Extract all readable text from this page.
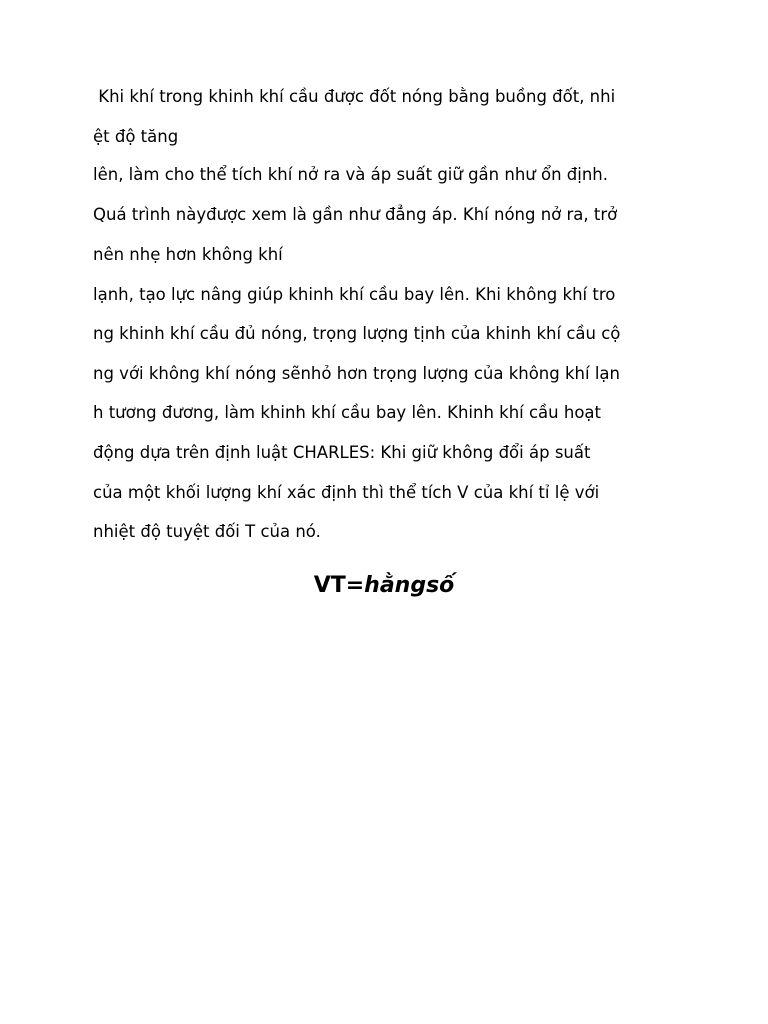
Khi khí trong khinh khí cầu được đốt nóng bằng buồng đốt, nhi
ệt độ tăng
lên, làm cho thể tích khí nở ra và áp suất giữ gần như ổn định.
Quá trình nàyđược xem là gần như đẳng áp. Khí nóng nở ra, trở
nên nhẹ hơn không khí
lạnh, tạo lực nâng giúp khinh khí cầu bay lên. Khi không khí tro
ng khinh khí cầu đủ nóng, trọng lượng tịnh của khinh khí cầu cộ
ng với không khí nóng sẽnhỏ hơn trọng lượng của không khí lạn
h tương đương, làm khinh khí cầu bay lên. Khinh khí cầu hoạt
động dựa trên định luật CHARLES: Khi giữ không đổi áp suất
của một khối lượng khí xác định thì thể tích V của khí tỉ lệ với
nhiệt độ tuyệt đối T của nó.
VT=hằngsố
